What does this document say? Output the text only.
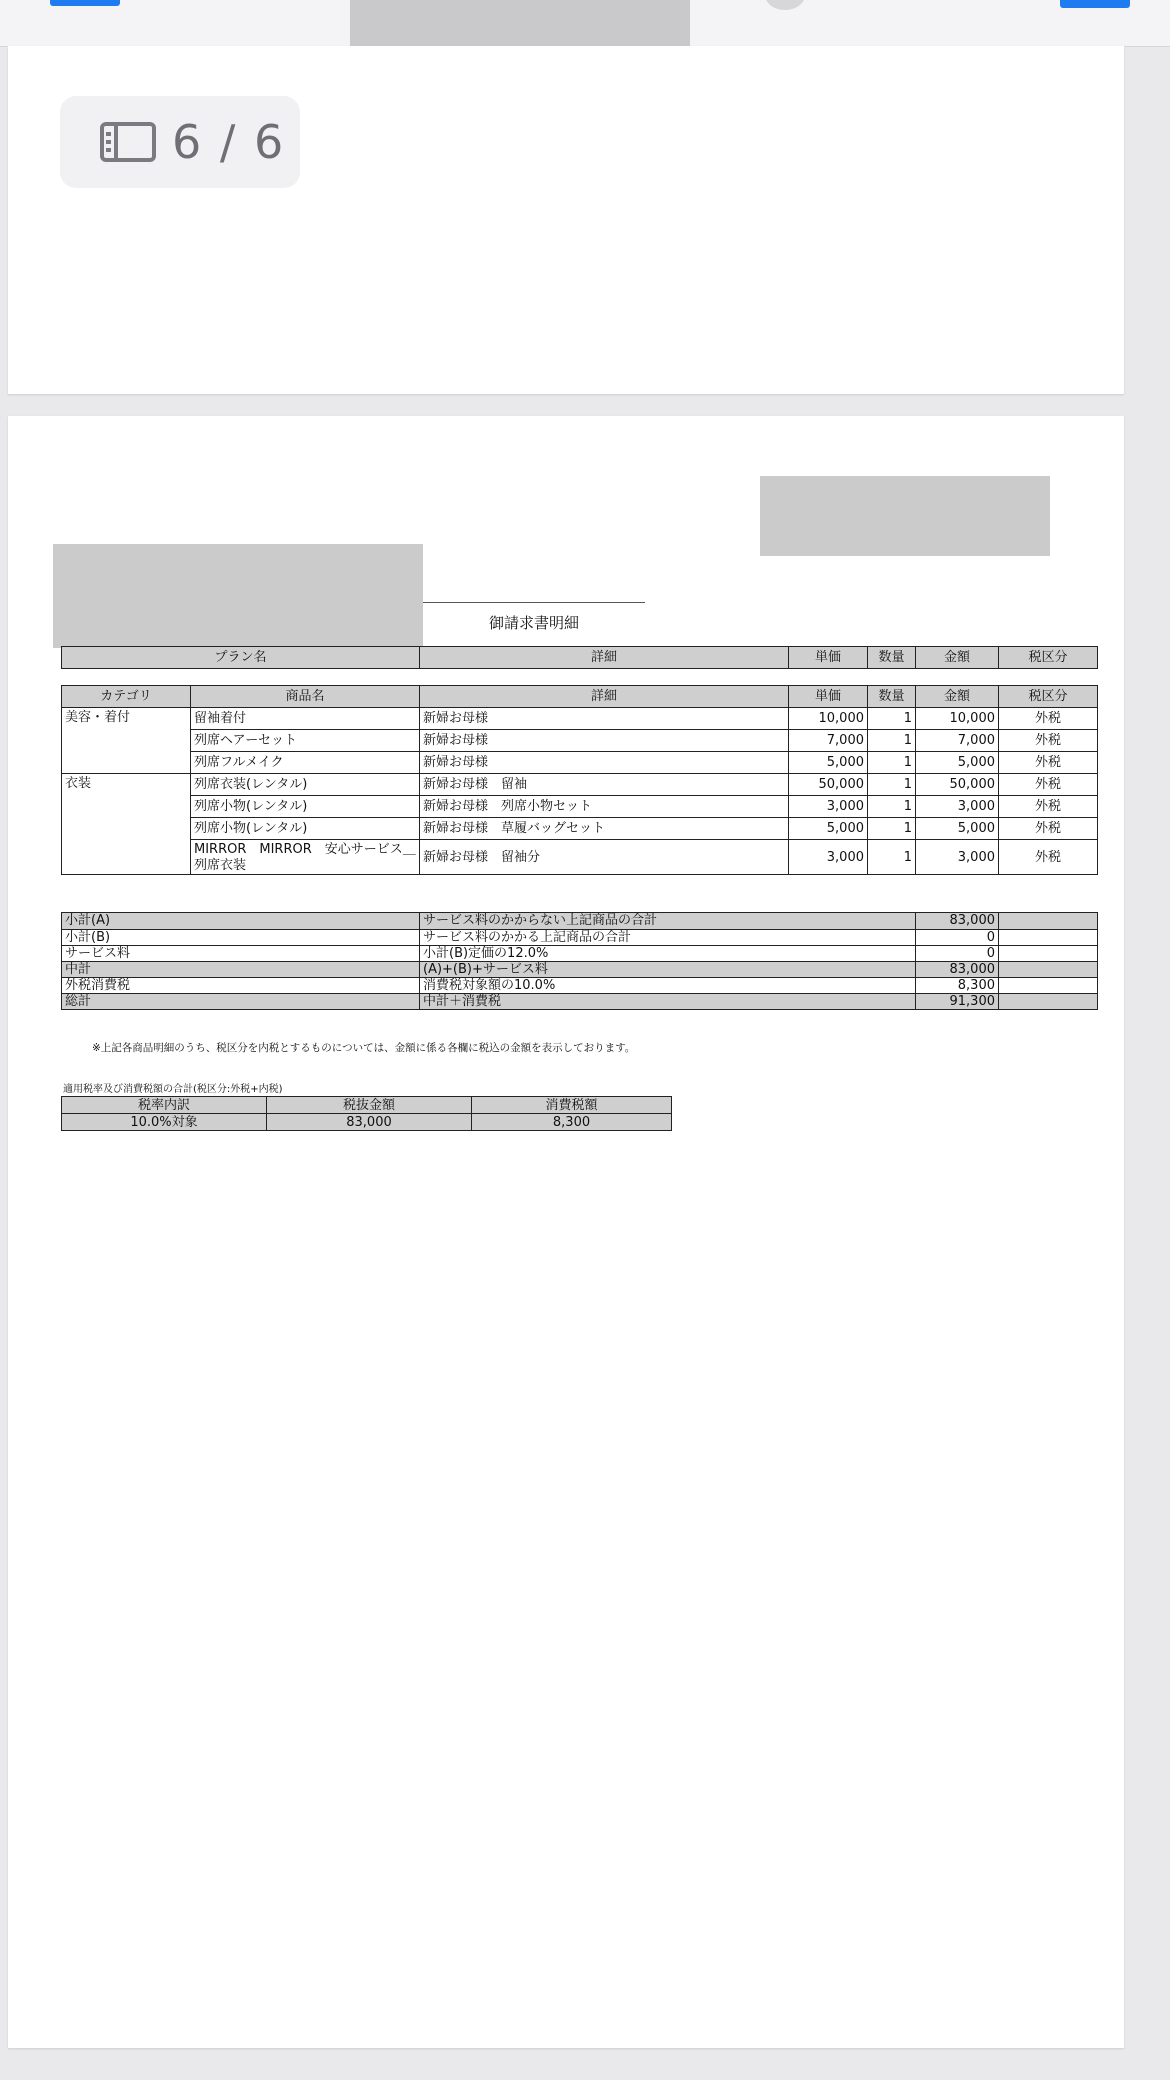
6 / 6
御請求書明細
プラン名	詳細	単価	数量	金額	税区分
カテゴリ	商品名	詳細	単価	数量	金額	税区分
美容・着付	留袖着付	新婦お母様	10,000	1	10,000	外税
	列席ヘアーセット	新婦お母様	7,000	1	7,000	外税
	列席フルメイク	新婦お母様	5,000	1	5,000	外税
衣装	列席衣装(レンタル)	新婦お母様　留袖	50,000	1	50,000	外税
	列席小物(レンタル)	新婦お母様　列席小物セット	3,000	1	3,000	外税
	列席小物(レンタル)	新婦お母様　草履バッグセット	5,000	1	5,000	外税
	MIRROR　MIRROR　安心サービス＿列席衣装	新婦お母様　留袖分	3,000	1	3,000	外税
小計(A)	サービス料のかからない上記商品の合計	83,000	
小計(B)	サービス料のかかる上記商品の合計	0	
サービス料	小計(B)定価の12.0%	0	
中計	(A)+(B)+サービス料	83,000	
外税消費税	消費税対象額の10.0%	8,300	
総計	中計＋消費税	91,300	
※上記各商品明細のうち、税区分を内税とするものについては、金額に係る各欄に税込の金額を表示しております。
適用税率及び消費税額の合計(税区分:外税+内税)
税率内訳	税抜金額	消費税額
10.0%対象	83,000	8,300
